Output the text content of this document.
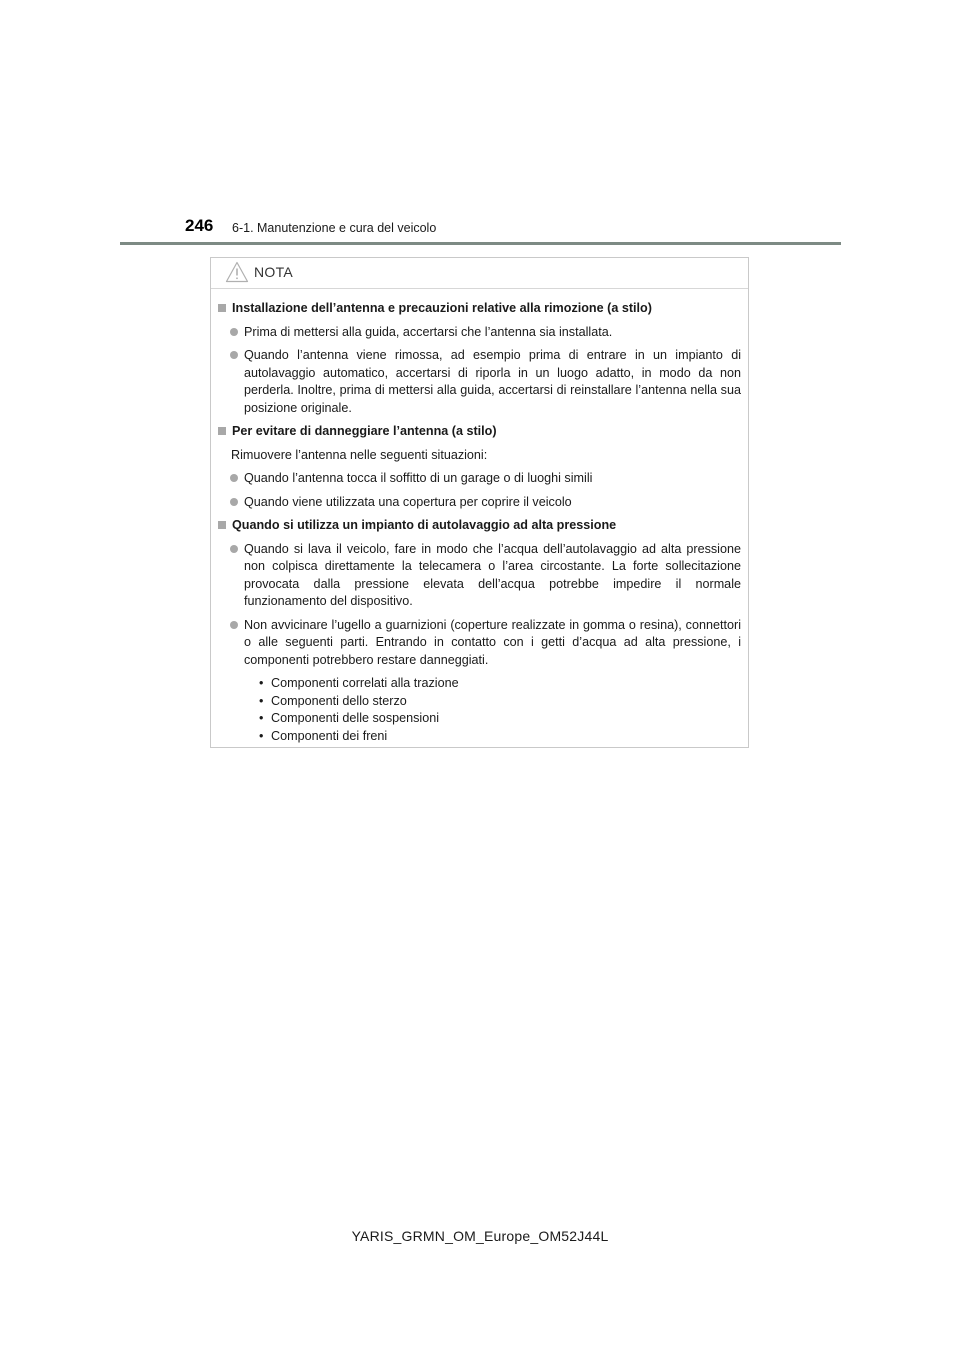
246 6-1. Manutenzione e cura del veicolo
NOTA
Installazione dell’antenna e precauzioni relative alla rimozione (a stilo)
Prima di mettersi alla guida, accertarsi che l’antenna sia installata.
Quando l’antenna viene rimossa, ad esempio prima di entrare in un impianto di autolavaggio automatico, accertarsi di riporla in un luogo adatto, in modo da non perderla. Inoltre, prima di mettersi alla guida, accertarsi di reinstallare l’antenna nella sua posizione originale.
Per evitare di danneggiare l’antenna (a stilo)
Rimuovere l’antenna nelle seguenti situazioni:
Quando l’antenna tocca il soffitto di un garage o di luoghi simili
Quando viene utilizzata una copertura per coprire il veicolo
Quando si utilizza un impianto di autolavaggio ad alta pressione
Quando si lava il veicolo, fare in modo che l’acqua dell’autolavaggio ad alta pressione non colpisca direttamente la telecamera o l’area circostante. La forte sollecitazione provocata dalla pressione elevata dell’acqua potrebbe impedire il normale funzionamento del dispositivo.
Non avvicinare l’ugello a guarnizioni (coperture realizzate in gomma o resina), connettori o alle seguenti parti. Entrando in contatto con i getti d’acqua ad alta pressione, i componenti potrebbero restare danneggiati.
• Componenti correlati alla trazione
• Componenti dello sterzo
• Componenti delle sospensioni
• Componenti dei freni
YARIS_GRMN_OM_Europe_OM52J44L
